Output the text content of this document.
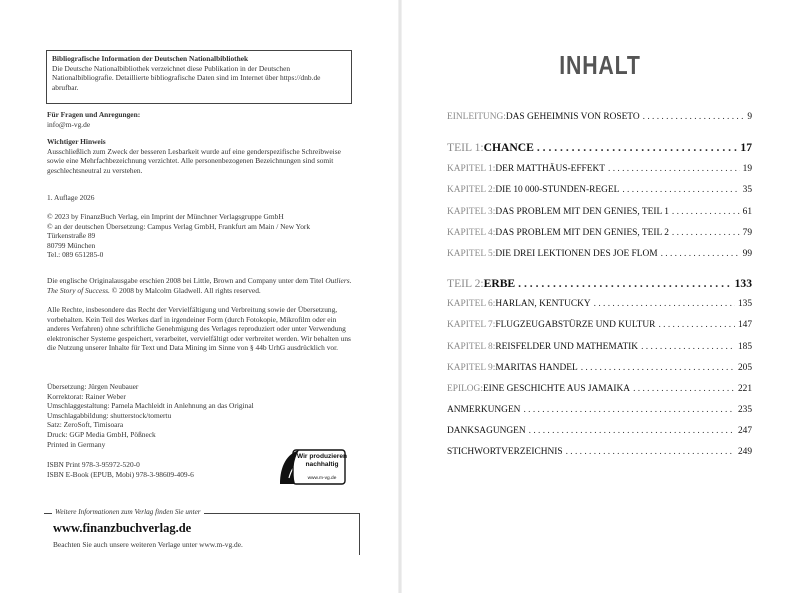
Bibliografische Information der Deutschen Nationalbibliothek
Die Deutsche Nationalbibliothek verzeichnet diese Publikation in der Deutschen Nationalbibliografie. Detaillierte bibliografische Daten sind im Internet über https://dnb.de abrufbar.
Für Fragen und Anregungen:
info@m-vg.de
Wichtiger Hinweis
Ausschließlich zum Zweck der besseren Lesbarkeit wurde auf eine genderspezifische Schreibweise sowie eine Mehrfachbezeichnung verzichtet. Alle personenbezogenen Bezeichnungen sind somit geschlechtsneutral zu verstehen.
1. Auflage 2026
© 2023 by FinanzBuch Verlag, ein Imprint der Münchner Verlagsgruppe GmbH
© an der deutschen Übersetzung: Campus Verlag GmbH, Frankfurt am Main / New York
Türkenstraße 89
80799 München
Tel.: 089 651285-0
Die englische Originalausgabe erschien 2008 bei Little, Brown and Company unter dem Titel Outliers. The Story of Success. © 2008 by Malcolm Gladwell. All rights reserved.
Alle Rechte, insbesondere das Recht der Vervielfältigung und Verbreitung sowie der Übersetzung, vorbehalten. Kein Teil des Werkes darf in irgendeiner Form (durch Fotokopie, Mikrofilm oder ein anderes Verfahren) ohne schriftliche Genehmigung des Verlages reproduziert oder unter Verwendung elektronischer Systeme gespeichert, verarbeitet, vervielfältigt oder verbreitet werden. Wir behalten uns die Nutzung unserer Inhalte für Text und Data Mining im Sinne von § 44b UrhG ausdrücklich vor.
Übersetzung: Jürgen Neubauer
Korrektorat: Rainer Weber
Umschlaggestaltung: Pamela Machleidt in Anlehnung an das Original
Umschlagabbildung: shutterstock/tomertu
Satz: ZeroSoft, Timisoara
Druck: GGP Media GmbH, Pößneck
Printed in Germany
ISBN Print 978-3-95972-520-0
ISBN E-Book (EPUB, Mobi) 978-3-98609-409-6
Wir produzieren
nachhaltig
www.m-vg.de
Weitere Informationen zum Verlag finden Sie unter
www.finanzbuchverlag.de
Beachten Sie auch unsere weiteren Verlage unter www.m-vg.de.
INHALT
EINLEITUNG: DAS GEHEIMNIS VON ROSETO . . .	9
TEIL 1: CHANCE . . .	17
KAPITEL 1: DER MATTHÄUS-EFFEKT . . .	19
KAPITEL 2: DIE 10 000-STUNDEN-REGEL . . .	35
KAPITEL 3: DAS PROBLEM MIT DEN GENIES, TEIL 1 . . .	61
KAPITEL 4: DAS PROBLEM MIT DEN GENIES, TEIL 2 . . .	79
KAPITEL 5: DIE DREI LEKTIONEN DES JOE FLOM . . .	99
TEIL 2: ERBE . . .	133
KAPITEL 6: HARLAN, KENTUCKY . . .	135
KAPITEL 7: FLUGZEUGABSTÜRZE UND KULTUR . . .	147
KAPITEL 8: REISFELDER UND MATHEMATIK . . .	185
KAPITEL 9: MARITAS HANDEL . . .	205
EPILOG: EINE GESCHICHTE AUS JAMAIKA . . .	221
ANMERKUNGEN . . .	235
DANKSAGUNGEN . . .	247
STICHWORTVERZEICHNIS . . .	249
